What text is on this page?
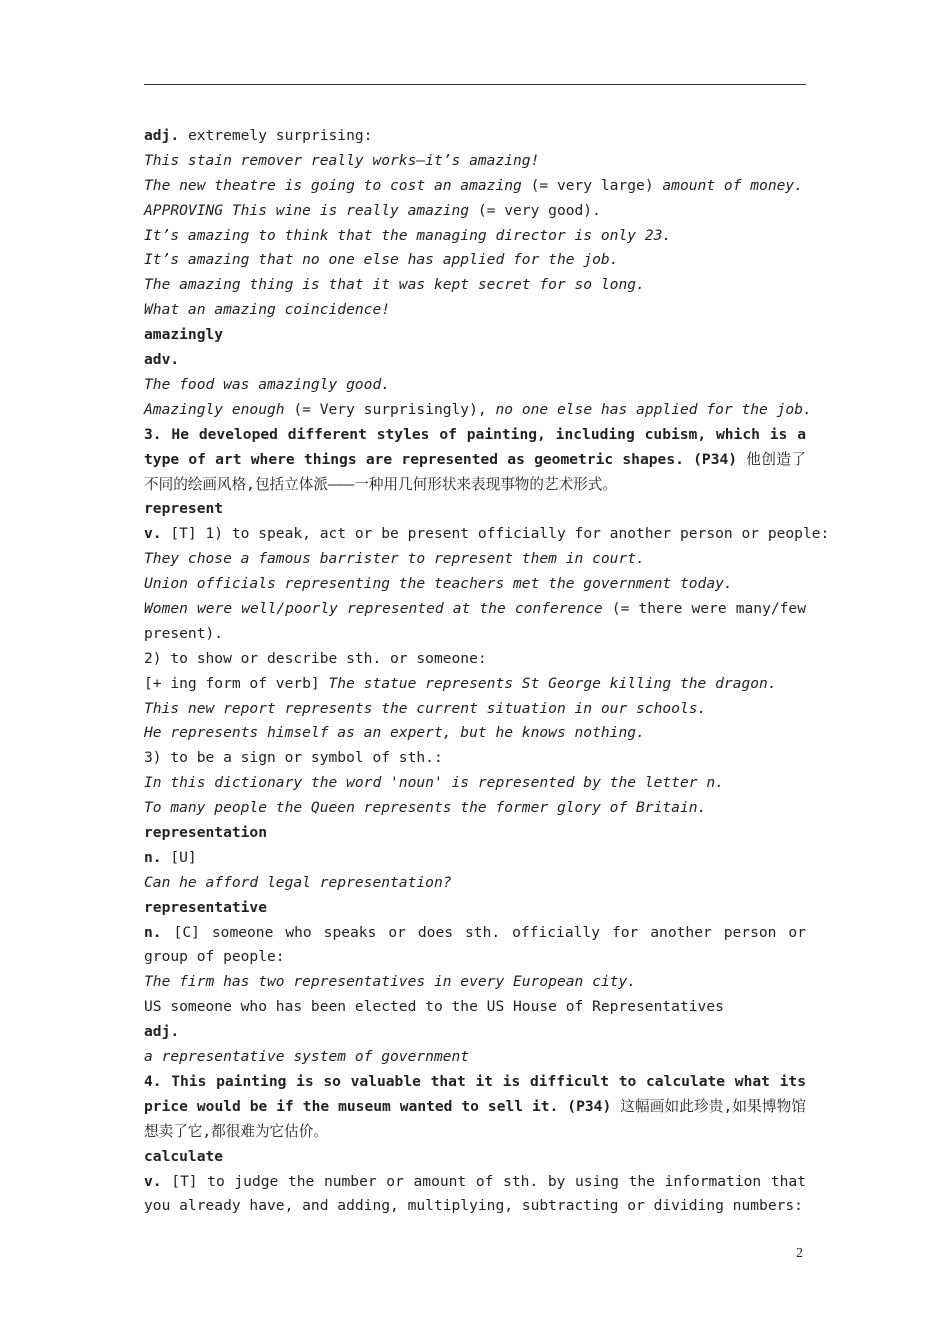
adj. extremely surprising:
This stain remover really works—it’s amazing!
The new theatre is going to cost an amazing (= very large) amount of money.
APPROVING This wine is really amazing (= very good).
It’s amazing to think that the managing director is only 23.
It’s amazing that no one else has applied for the job.
The amazing thing is that it was kept secret for so long.
What an amazing coincidence!
amazingly
adv.
The food was amazingly good.
Amazingly enough (= Very surprisingly), no one else has applied for the job.
3. He developed different styles of painting, including cubism, which is a type of art where things are represented as geometric shapes. (P34) 他创造了不同的绘画风格,包括立体派———一种用几何形状来表现事物的艺术形式。
represent
v. [T] 1) to speak, act or be present officially for another person or people:
They chose a famous barrister to represent them in court.
Union officials representing the teachers met the government today.
Women were well/poorly represented at the conference (= there were many/few present).
2) to show or describe sth. or someone:
[+ ing form of verb] The statue represents St George killing the dragon.
This new report represents the current situation in our schools.
He represents himself as an expert, but he knows nothing.
3) to be a sign or symbol of sth.:
In this dictionary the word 'noun' is represented by the letter n.
To many people the Queen represents the former glory of Britain.
representation
n. [U]
Can he afford legal representation?
representative
n. [C] someone who speaks or does sth. officially for another person or group of people:
The firm has two representatives in every European city.
US someone who has been elected to the US House of Representatives
adj.
a representative system of government
4. This painting is so valuable that it is difficult to calculate what its price would be if the museum wanted to sell it. (P34) 这幅画如此珍贵,如果博物馆想卖了它,都很难为它估价。
calculate
v. [T] to judge the number or amount of sth. by using the information that you already have, and adding, multiplying, subtracting or dividing numbers:
2
